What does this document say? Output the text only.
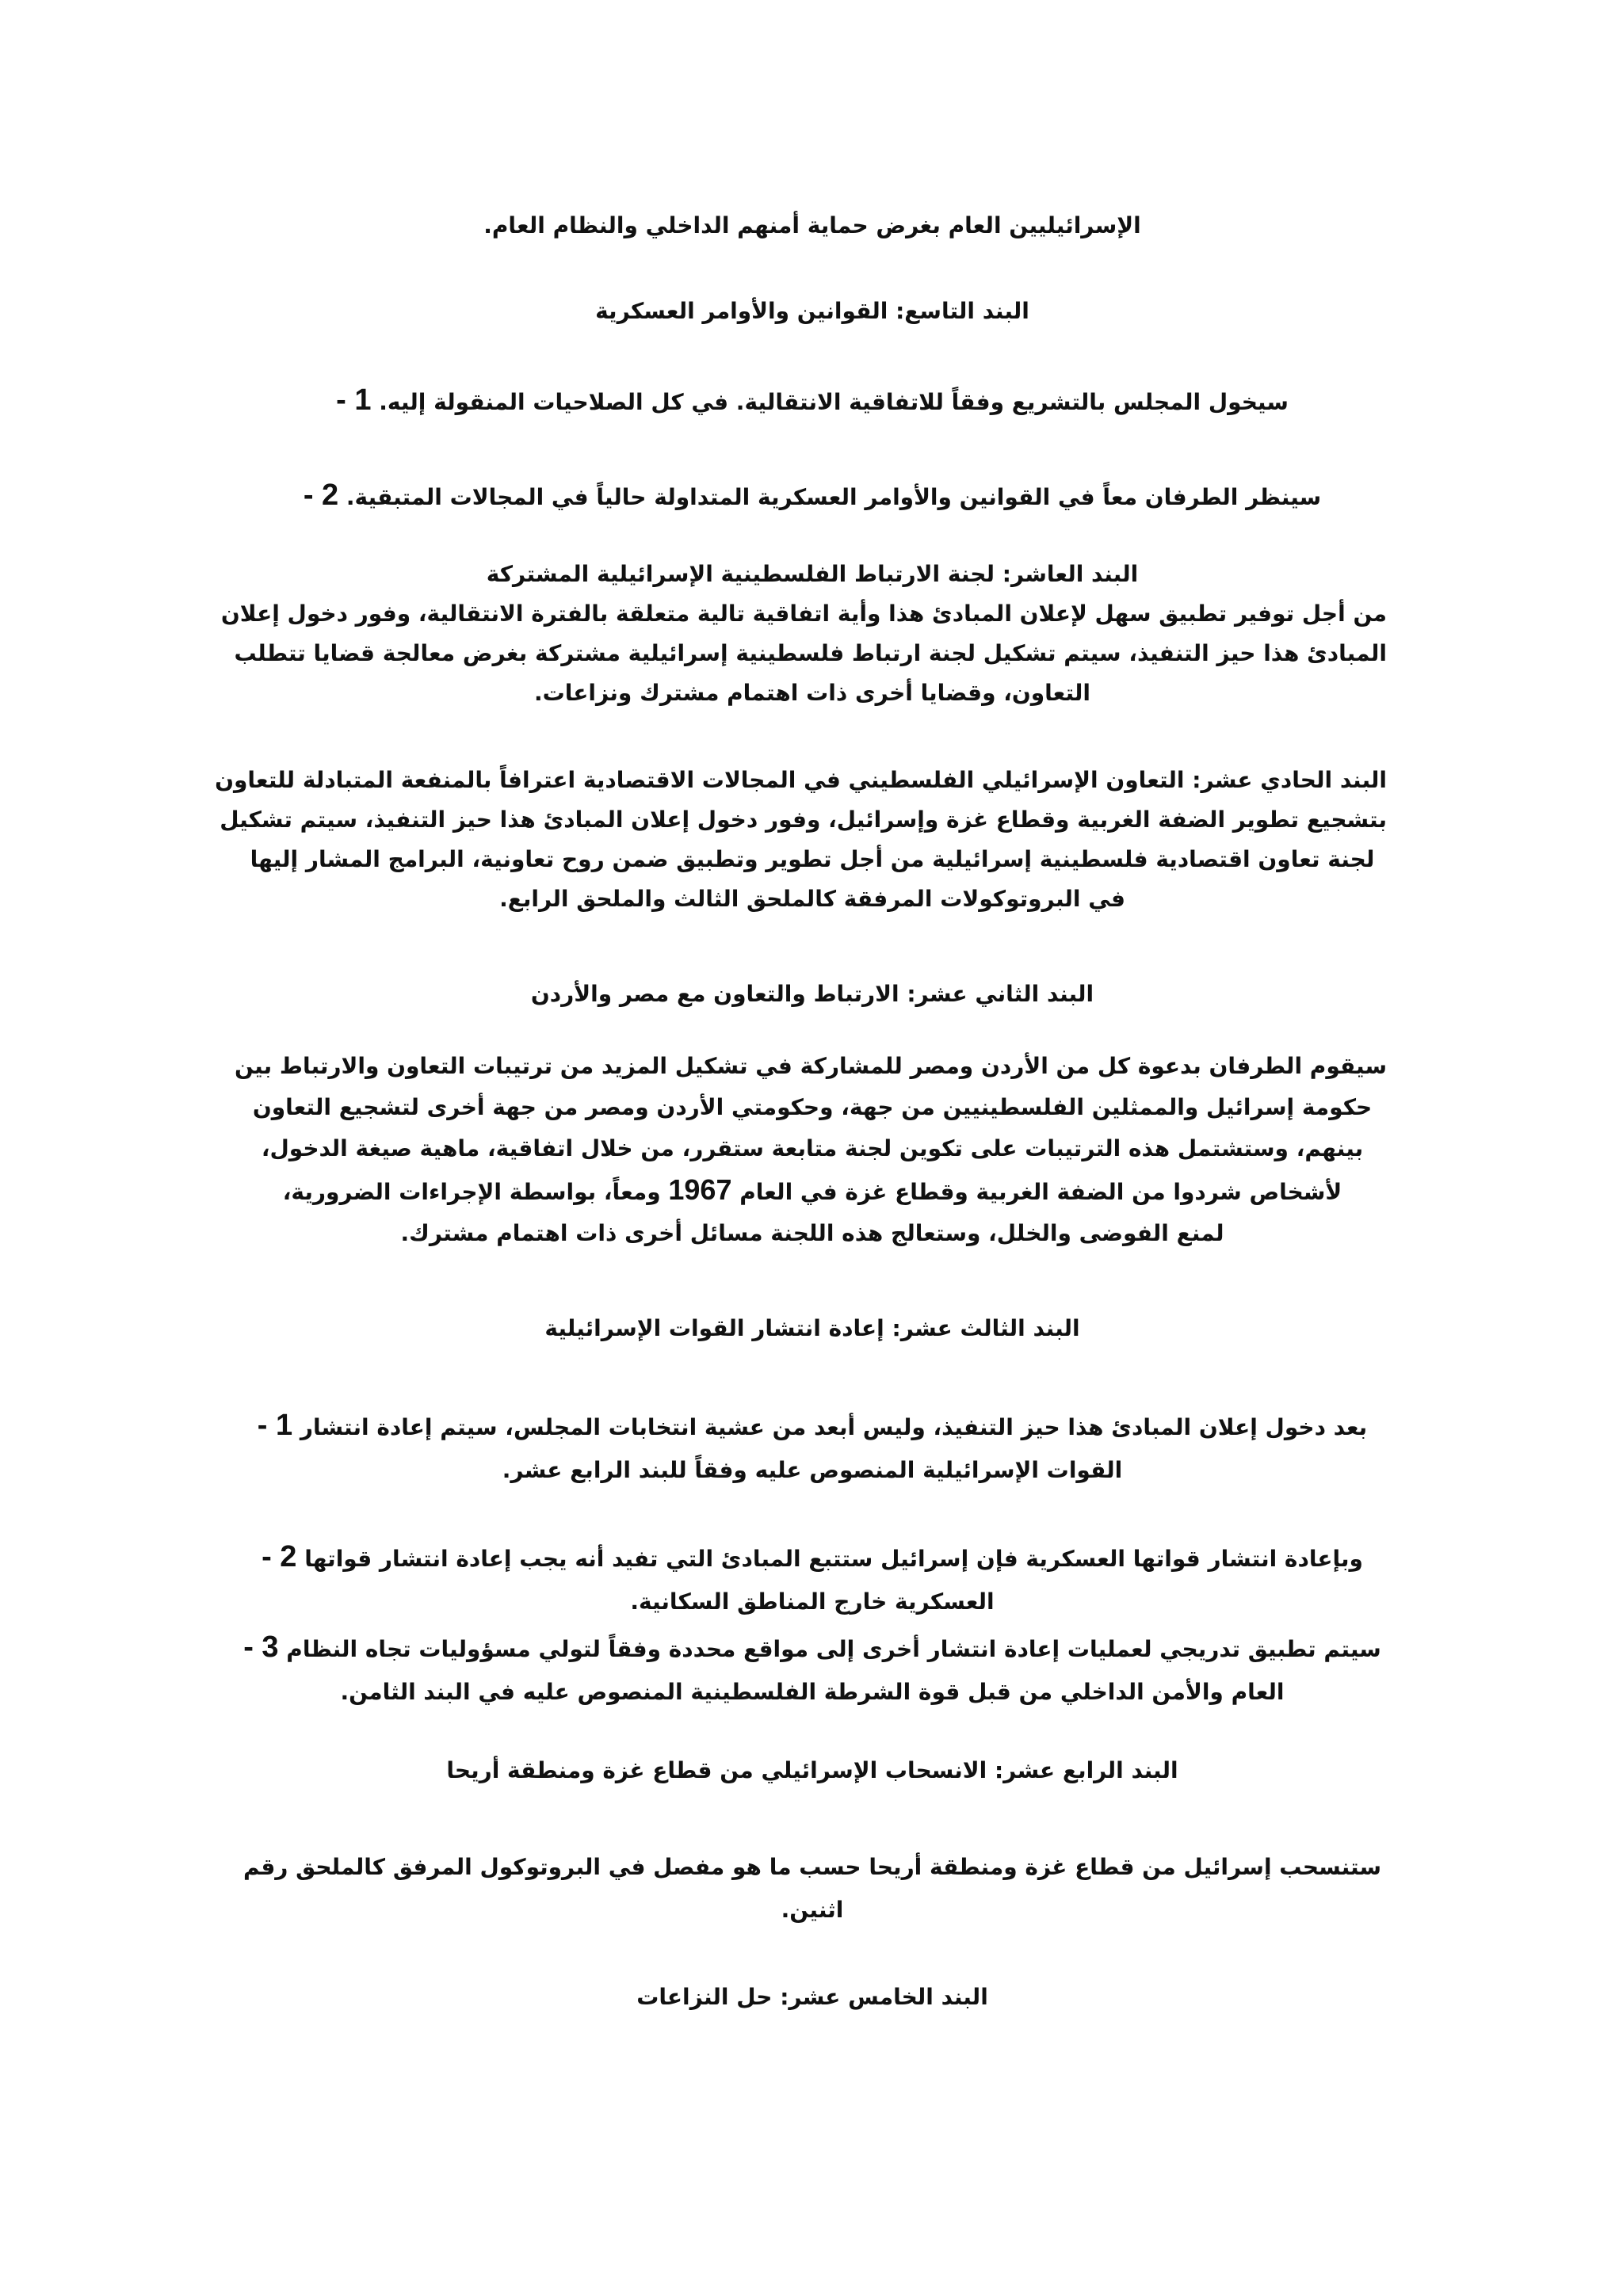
الإسرائيليين العام بغرض حماية أمنهم الداخلي والنظام العام.

البند التاسع: القوانين والأوامر العسكرية

سيخول المجلس بالتشريع وفقاً للاتفاقية الانتقالية. في كل الصلاحيات المنقولة إليه. 1 -

سينظر الطرفان معاً في القوانين والأوامر العسكرية المتداولة حالياً في المجالات المتبقية. 2 -

البند العاشر: لجنة الارتباط الفلسطينية الإسرائيلية المشتركة

من أجل توفير تطبيق سهل لإعلان المبادئ هذا وأية اتفاقية تالية متعلقة بالفترة الانتقالية، وفور دخول إعلان

المبادئ هذا حيز التنفيذ، سيتم تشكيل لجنة ارتباط فلسطينية إسرائيلية مشتركة بغرض معالجة قضايا تتطلب

التعاون، وقضايا أخرى ذات اهتمام مشترك ونزاعات.

البند الحادي عشر: التعاون الإسرائيلي الفلسطيني في المجالات الاقتصادية اعترافاً بالمنفعة المتبادلة للتعاون

بتشجيع تطوير الضفة الغربية وقطاع غزة وإسرائيل، وفور دخول إعلان المبادئ هذا حيز التنفيذ، سيتم تشكيل

لجنة تعاون اقتصادية فلسطينية إسرائيلية من أجل تطوير وتطبيق ضمن روح تعاونية، البرامج المشار إليها

في البروتوكولات المرفقة كالملحق الثالث والملحق الرابع.

البند الثاني عشر: الارتباط والتعاون مع مصر والأردن

سيقوم الطرفان بدعوة كل من الأردن ومصر للمشاركة في تشكيل المزيد من ترتيبات التعاون والارتباط بين

حكومة إسرائيل والممثلين الفلسطينيين من جهة، وحكومتي الأردن ومصر من جهة أخرى لتشجيع التعاون

بينهم، وستشتمل هذه الترتيبات على تكوين لجنة متابعة ستقرر، من خلال اتفاقية، ماهية صيغة الدخول،

لأشخاص شردوا من الضفة الغربية وقطاع غزة في العام 1967 ومعاً، بواسطة الإجراءات الضرورية،

لمنع الفوضى والخلل، وستعالج هذه اللجنة مسائل أخرى ذات اهتمام مشترك.

البند الثالث عشر: إعادة انتشار القوات الإسرائيلية

بعد دخول إعلان المبادئ هذا حيز التنفيذ، وليس أبعد من عشية انتخابات المجلس، سيتم إعادة انتشار 1 -

القوات الإسرائيلية المنصوص عليه وفقاً للبند الرابع عشر.

وبإعادة انتشار قواتها العسكرية فإن إسرائيل ستتبع المبادئ التي تفيد أنه يجب إعادة انتشار قواتها 2 -

العسكرية خارج المناطق السكانية.

سيتم تطبيق تدريجي لعمليات إعادة انتشار أخرى إلى مواقع محددة وفقاً لتولي مسؤوليات تجاه النظام 3 -

العام والأمن الداخلي من قبل قوة الشرطة الفلسطينية المنصوص عليه في البند الثامن.

البند الرابع عشر: الانسحاب الإسرائيلي من قطاع غزة ومنطقة أريحا

ستنسحب إسرائيل من قطاع غزة ومنطقة أريحا حسب ما هو مفصل في البروتوكول المرفق كالملحق رقم

اثنين.

البند الخامس عشر: حل النزاعات
